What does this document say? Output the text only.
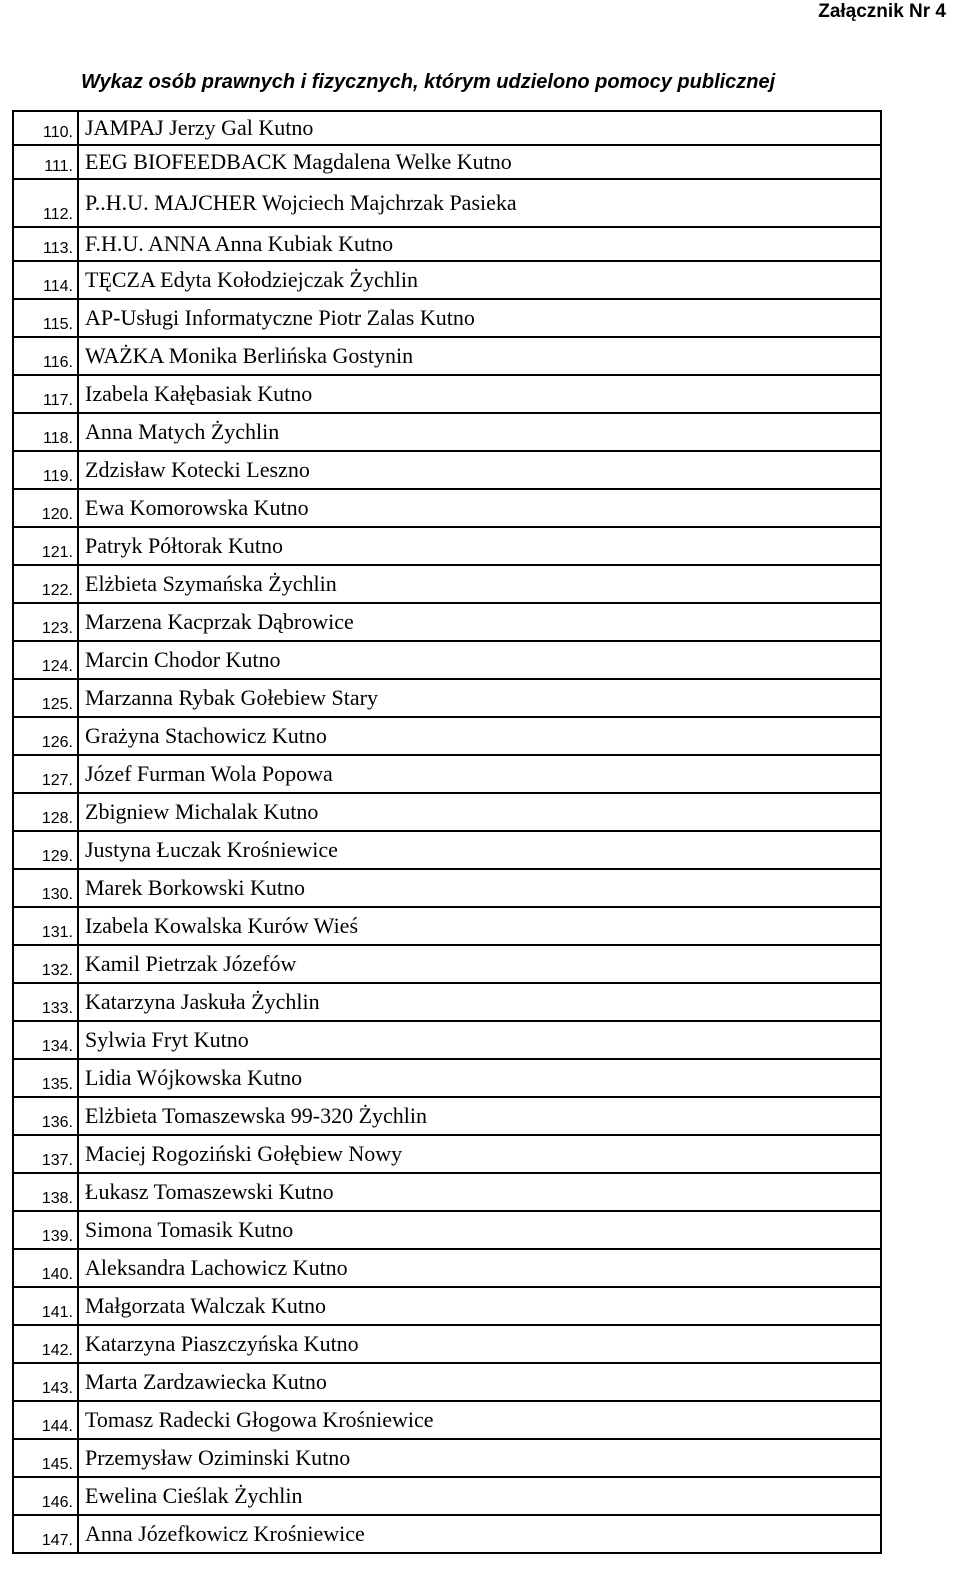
Załącznik Nr 4
Wykaz osób prawnych i fizycznych, którym udzielono pomocy publicznej
110.	JAMPAJ Jerzy Gal Kutno
111.	EEG BIOFEEDBACK Magdalena Welke Kutno
112.	P..H.U. MAJCHER Wojciech Majchrzak Pasieka
113.	F.H.U. ANNA Anna Kubiak Kutno
114.	TĘCZA Edyta Kołodziejczak Żychlin
115.	AP-Usługi Informatyczne Piotr Zalas Kutno
116.	WAŻKA Monika Berlińska Gostynin
117.	Izabela Kałębasiak Kutno
118.	Anna Matych Żychlin
119.	Zdzisław Kotecki Leszno
120.	Ewa Komorowska Kutno
121.	Patryk Półtorak Kutno
122.	Elżbieta Szymańska Żychlin
123.	Marzena Kacprzak Dąbrowice
124.	Marcin Chodor Kutno
125.	Marzanna Rybak Gołebiew Stary
126.	Grażyna Stachowicz Kutno
127.	Józef Furman Wola Popowa
128.	Zbigniew Michalak Kutno
129.	Justyna Łuczak Krośniewice
130.	Marek Borkowski Kutno
131.	Izabela Kowalska Kurów Wieś
132.	Kamil Pietrzak Józefów
133.	Katarzyna Jaskuła Żychlin
134.	Sylwia Fryt Kutno
135.	Lidia Wójkowska Kutno
136.	Elżbieta Tomaszewska 99-320 Żychlin
137.	Maciej Rogoziński Gołębiew Nowy
138.	Łukasz Tomaszewski Kutno
139.	Simona Tomasik Kutno
140.	Aleksandra Lachowicz Kutno
141.	Małgorzata Walczak Kutno
142.	Katarzyna Piaszczyńska Kutno
143.	Marta Zardzawiecka Kutno
144.	Tomasz Radecki Głogowa Krośniewice
145.	Przemysław Oziminski Kutno
146.	Ewelina Cieślak Żychlin
147.	Anna Józefkowicz Krośniewice
